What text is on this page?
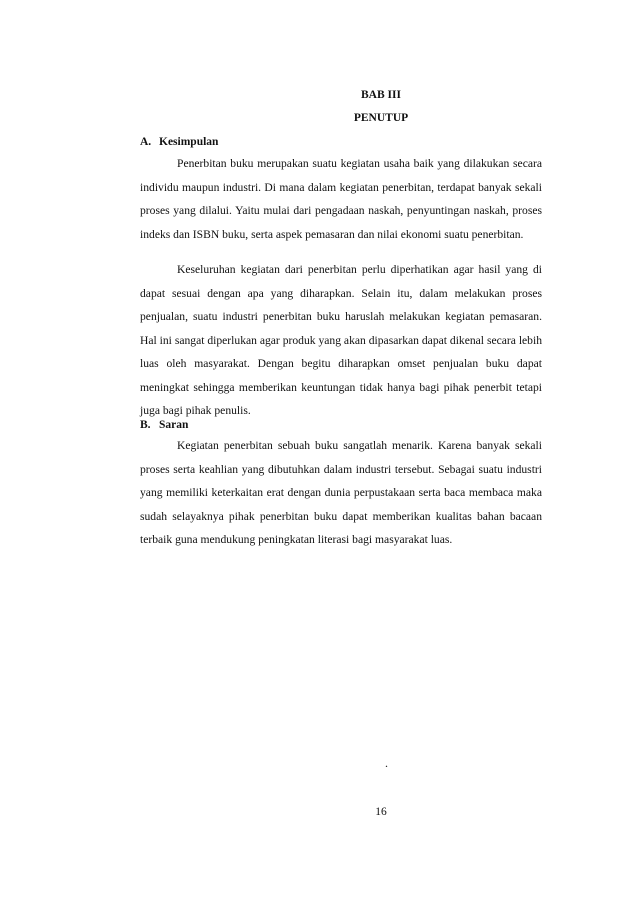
BAB III
PENUTUP
A. Kesimpulan

Penerbitan buku merupakan suatu kegiatan usaha baik yang dilakukan secara individu maupun industri. Di mana dalam kegiatan penerbitan, terdapat banyak sekali proses yang dilalui. Yaitu mulai dari pengadaan naskah, penyuntingan naskah, proses indeks dan ISBN buku, serta aspek pemasaran dan nilai ekonomi suatu penerbitan.

Keseluruhan kegiatan dari penerbitan perlu diperhatikan agar hasil yang di dapat sesuai dengan apa yang diharapkan. Selain itu, dalam melakukan proses penjualan, suatu industri penerbitan buku haruslah melakukan kegiatan pemasaran. Hal ini sangat diperlukan agar produk yang akan dipasarkan dapat dikenal secara lebih luas oleh masyarakat. Dengan begitu diharapkan omset penjualan buku dapat meningkat sehingga memberikan keuntungan tidak hanya bagi pihak penerbit tetapi juga bagi pihak penulis.

B. Saran

Kegiatan penerbitan sebuah buku sangatlah menarik. Karena banyak sekali proses serta keahlian yang dibutuhkan dalam industri tersebut. Sebagai suatu industri yang memiliki keterkaitan erat dengan dunia perpustakaan serta baca membaca maka sudah selayaknya pihak penerbitan buku dapat memberikan kualitas bahan bacaan terbaik guna mendukung peningkatan literasi bagi masyarakat luas.

.
16
